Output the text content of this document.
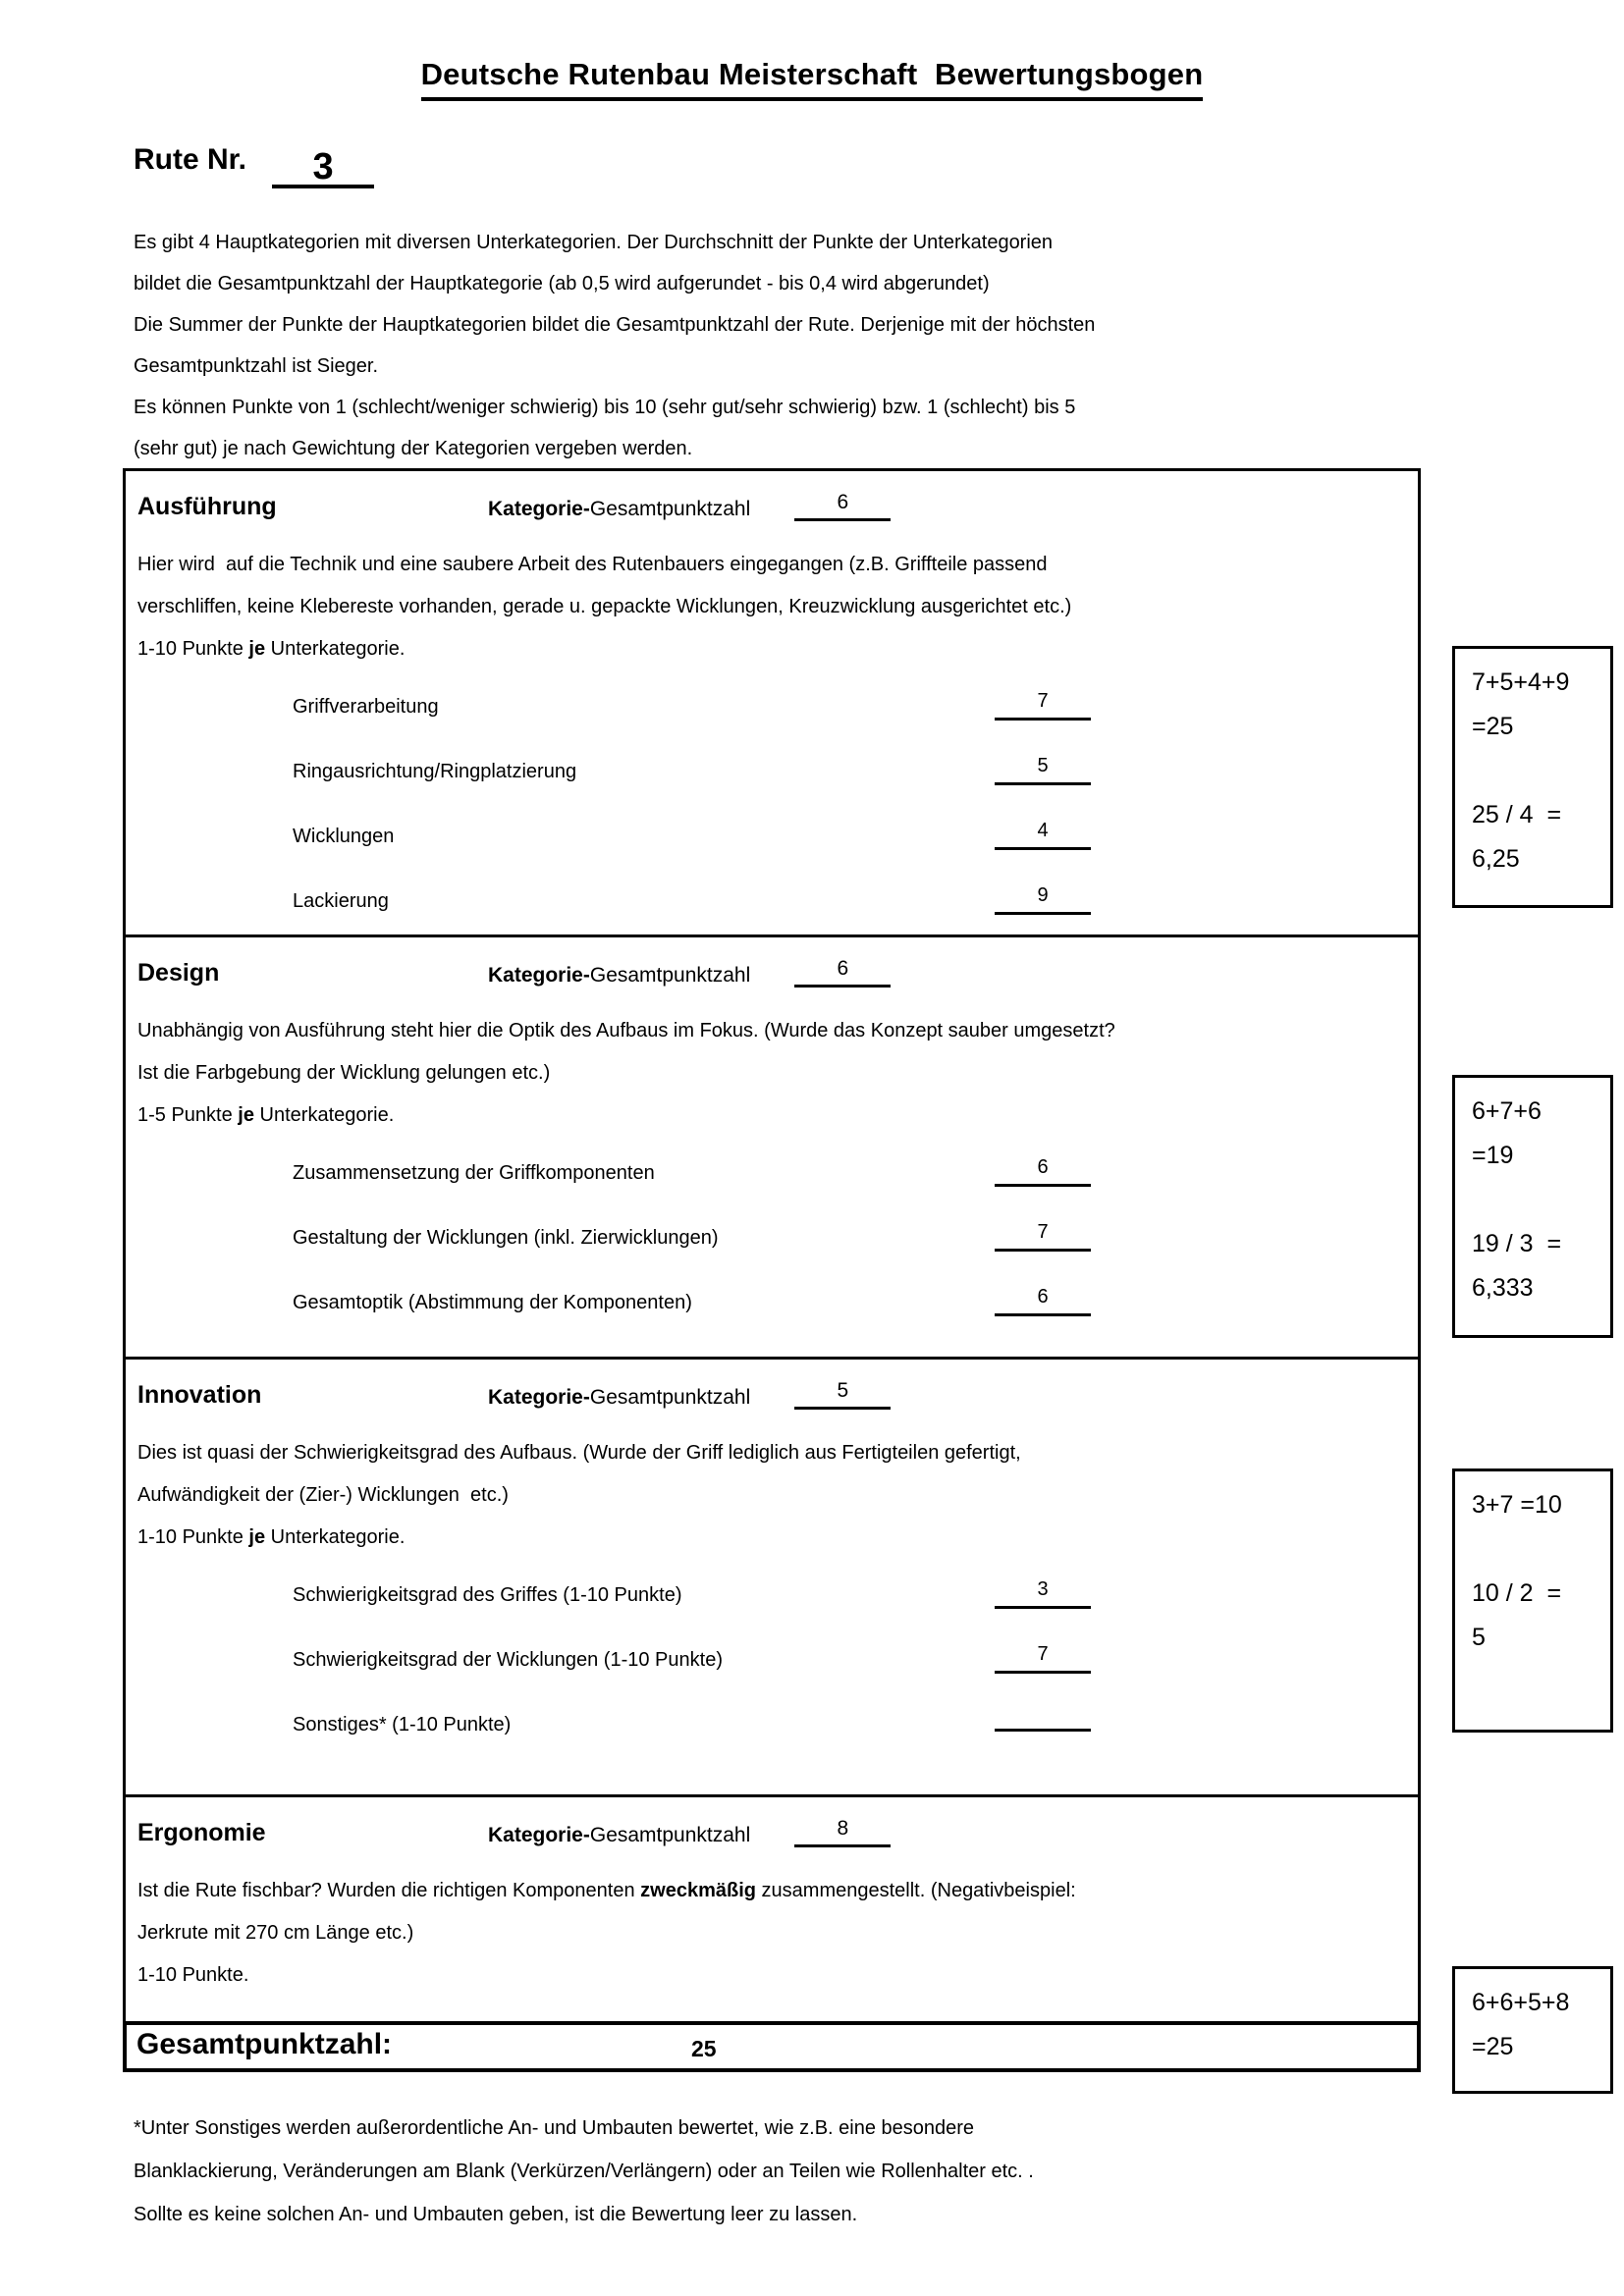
Deutsche Rutenbau Meisterschaft  Bewertungsbogen
Rute Nr. 3
Es gibt 4 Hauptkategorien mit diversen Unterkategorien. Der Durchschnitt der Punkte der Unterkategorien
bildet die Gesamtpunktzahl der Hauptkategorie (ab 0,5 wird aufgerundet - bis 0,4 wird abgerundet)
Die Summer der Punkte der Hauptkategorien bildet die Gesamtpunktzahl der Rute. Derjenige mit der höchsten
Gesamtpunktzahl ist Sieger.
Es können Punkte von 1 (schlecht/weniger schwierig) bis 10 (sehr gut/sehr schwierig) bzw. 1 (schlecht) bis 5
(sehr gut) je nach Gewichtung der Kategorien vergeben werden.
Ausführung	Kategorie-Gesamtpunktzahl	6
Hier wird  auf die Technik und eine saubere Arbeit des Rutenbauers eingegangen (z.B. Griffteile passend
verschliffen, keine Klebereste vorhanden, gerade u. gepackte Wicklungen, Kreuzwicklung ausgerichtet etc.)
1-10 Punkte je Unterkategorie.
Griffverarbeitung	7
Ringausrichtung/Ringplatzierung	5
Wicklungen	4
Lackierung	9
Design	Kategorie-Gesamtpunktzahl	6
Unabhängig von Ausführung steht hier die Optik des Aufbaus im Fokus. (Wurde das Konzept sauber umgesetzt?
Ist die Farbgebung der Wicklung gelungen etc.)
1-5 Punkte je Unterkategorie.
Zusammensetzung der Griffkomponenten	6
Gestaltung der Wicklungen (inkl. Zierwicklungen)	7
Gesamtoptik (Abstimmung der Komponenten)	6
Innovation	Kategorie-Gesamtpunktzahl	5
Dies ist quasi der Schwierigkeitsgrad des Aufbaus. (Wurde der Griff lediglich aus Fertigteilen gefertigt,
Aufwändigkeit der (Zier-) Wicklungen  etc.)
1-10 Punkte je Unterkategorie.
Schwierigkeitsgrad des Griffes (1-10 Punkte)	3
Schwierigkeitsgrad der Wicklungen (1-10 Punkte)	7
Sonstiges* (1-10 Punkte)
Ergonomie	Kategorie-Gesamtpunktzahl	8
Ist die Rute fischbar? Wurden die richtigen Komponenten zweckmäßig zusammengestellt. (Negativbeispiel:
Jerkrute mit 270 cm Länge etc.)
1-10 Punkte.
Gesamtpunktzahl:	25
7+5+4+9
=25
25 / 4  =
6,25
6+7+6
=19
19 / 3  =
6,333
3+7 =10
10 / 2  =
5
6+6+5+8
=25
*Unter Sonstiges werden außerordentliche An- und Umbauten bewertet, wie z.B. eine besondere
Blanklackierung, Veränderungen am Blank (Verkürzen/Verlängern) oder an Teilen wie Rollenhalter etc. .
Sollte es keine solchen An- und Umbauten geben, ist die Bewertung leer zu lassen.
